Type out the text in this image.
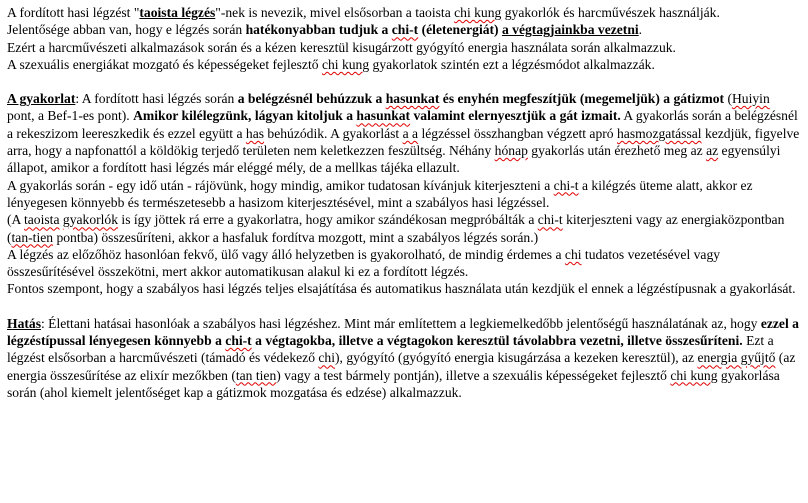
A fordított hasi légzést "taoista légzés"-nek is nevezik, mivel elsősorban a taoista chi kung gyakorlók és harcművészek használják.

Jelentősége abban van, hogy e légzés során hatékonyabban tudjuk a chi-t (életenergiát) a végtagjainkba vezetni.

Ezért a harcművészeti alkalmazások során és a kézen keresztül kisugárzott gyógyító energia használata során alkalmazzuk.

A szexuális energiákat mozgató és képességeket fejlesztő chi kung gyakorlatok szintén ezt a légzésmódot alkalmazzák.

A gyakorlat: A fordított hasi légzés során a belégzésnél behúzzuk a hasunkat és enyhén megfeszítjük (megemeljük) a gátizmot (Huiyin pont, a Bef-1-es pont). Amikor kilélegzünk, lágyan kitoljuk a hasunkat valamint elernyesztjük a gát izmait. A gyakorlás során a belégzésnél a rekeszizom leereszkedik és ezzel együtt a has behúzódik. A gyakorlást a a légzéssel összhangban végzett apró hasmozgatással kezdjük, figyelve arra, hogy a napfonattól a köldökig terjedő területen nem keletkezzen feszültség. Néhány hónap gyakorlás után érezhető meg az az egyensúlyi állapot, amikor a fordított hasi légzés már eléggé mély, de a mellkas tájéka ellazult.

A gyakorlás során - egy idő után - rájövünk, hogy mindig, amikor tudatosan kívánjuk kiterjeszteni a chi-t a kilégzés üteme alatt, akkor ez lényegesen könnyebb és természetesebb a hasizom kiterjesztésével, mint a szabályos hasi légzéssel.

(A taoista gyakorlók is így jöttek rá erre a gyakorlatra, hogy amikor szándékosan megpróbálták a chi-t kiterjeszteni vagy az energiaközpontban (tan-tien pontba) összesűríteni, akkor a hasfaluk fordítva mozgott, mint a szabályos légzés során.)

A légzés az előzőhöz hasonlóan fekvő, ülő vagy álló helyzetben is gyakorolható, de mindig érdemes a chi tudatos vezetésével vagy összesűrítésével összekötni, mert akkor automatikusan alakul ki ez a fordított légzés.

Fontos szempont, hogy a szabályos hasi légzés teljes elsajátítása és automatikus használata után kezdjük el ennek a légzéstípusnak a gyakorlását.

Hatás: Élettani hatásai hasonlóak a szabályos hasi légzéshez. Mint már említettem a legkiemelkedőbb jelentőségű használatának az, hogy ezzel a légzéstípussal lényegesen könnyebb a chi-t a végtagokba, illetve a végtagokon keresztül távolabbra vezetni, illetve összesűríteni. Ezt a légzést elsősorban a harcművészeti (támadó és védekező chi), gyógyító (gyógyító energia kisugárzása a kezeken keresztül), az energia gyűjtő (az energia összesűrítése az elixír mezőkben (tan tien) vagy a test bármely pontján), illetve a szexuális képességeket fejlesztő chi kung gyakorlása során (ahol kiemelt jelentőséget kap a gátizmok mozgatása és edzése) alkalmazzuk.
